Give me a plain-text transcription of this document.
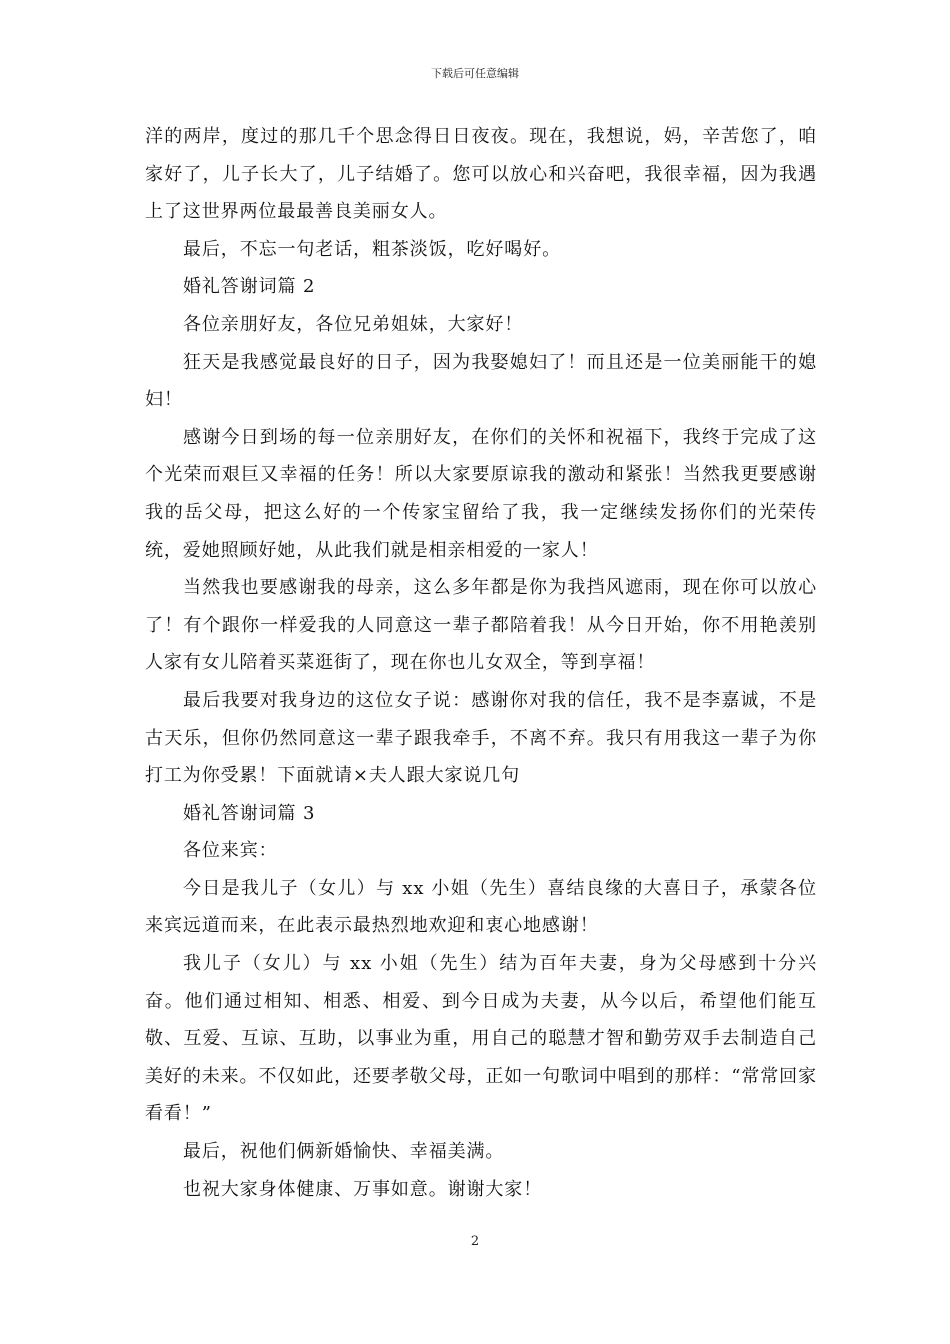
下载后可任意编辑

洋的两岸，度过的那几千个思念得日日夜夜。现在，我想说，妈，辛苦您了，咱家好了，儿子长大了，儿子结婚了。您可以放心和兴奋吧，我很幸福，因为我遇上了这世界两位最最善良美丽女人。

最后，不忘一句老话，粗茶淡饭，吃好喝好。

婚礼答谢词篇 2

各位亲朋好友，各位兄弟姐妹，大家好！

狂天是我感觉最良好的日子，因为我娶媳妇了！而且还是一位美丽能干的媳妇！

感谢今日到场的每一位亲朋好友，在你们的关怀和祝福下，我终于完成了这个光荣而艰巨又幸福的任务！所以大家要原谅我的激动和紧张！当然我更要感谢我的岳父母，把这么好的一个传家宝留给了我，我一定继续发扬你们的光荣传统，爱她照顾好她，从此我们就是相亲相爱的一家人！

当然我也要感谢我的母亲，这么多年都是你为我挡风遮雨，现在你可以放心了！有个跟你一样爱我的人同意这一辈子都陪着我！从今日开始，你不用艳羡别人家有女儿陪着买菜逛街了，现在你也儿女双全，等到享福！

最后我要对我身边的这位女子说：感谢你对我的信任，我不是李嘉诚，不是古天乐，但你仍然同意这一辈子跟我牵手，不离不弃。我只有用我这一辈子为你打工为你受累！下面就请×夫人跟大家说几句

婚礼答谢词篇 3

各位来宾：

今日是我儿子（女儿）与 xx 小姐（先生）喜结良缘的大喜日子，承蒙各位来宾远道而来，在此表示最热烈地欢迎和衷心地感谢！

我儿子（女儿）与 xx 小姐（先生）结为百年夫妻，身为父母感到十分兴奋。他们通过相知、相悉、相爱、到今日成为夫妻，从今以后，希望他们能互敬、互爱、互谅、互助，以事业为重，用自己的聪慧才智和勤劳双手去制造自己美好的未来。不仅如此，还要孝敬父母，正如一句歌词中唱到的那样：“常常回家看看！”

最后，祝他们俩新婚愉快、幸福美满。

也祝大家身体健康、万事如意。谢谢大家！

2
